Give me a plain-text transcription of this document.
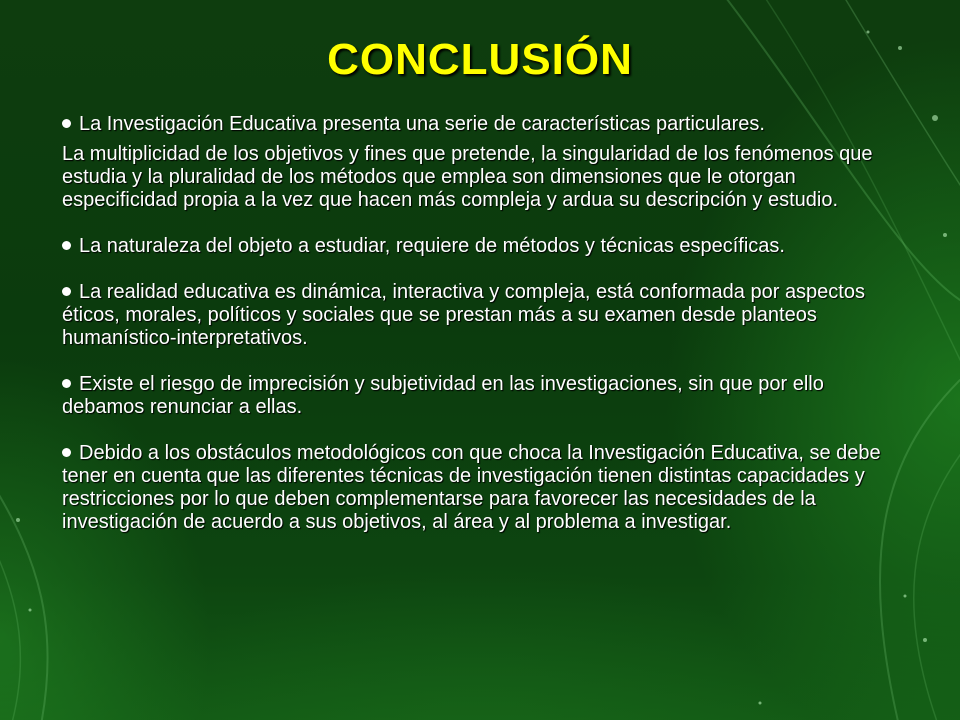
CONCLUSIÓN

La Investigación Educativa presenta una serie de características particulares.

La multiplicidad de los objetivos y fines que pretende, la singularidad de los fenómenos que estudia y la pluralidad de los métodos que emplea son dimensiones que le otorgan especificidad propia a la vez que hacen más compleja y ardua su descripción y estudio.

La naturaleza del objeto a estudiar, requiere de métodos y técnicas específicas.

La realidad educativa es dinámica, interactiva y compleja, está conformada por aspectos éticos, morales, políticos y sociales que se prestan más a su examen desde planteos humanístico-interpretativos.

Existe el riesgo de imprecisión y subjetividad en las investigaciones, sin que por ello debamos renunciar a ellas.

Debido a los obstáculos metodológicos con que choca la Investigación Educativa, se debe tener en cuenta que las diferentes técnicas de investigación tienen distintas capacidades y restricciones por lo que deben complementarse para favorecer las necesidades de la investigación de acuerdo a sus objetivos, al área y al problema a investigar.
